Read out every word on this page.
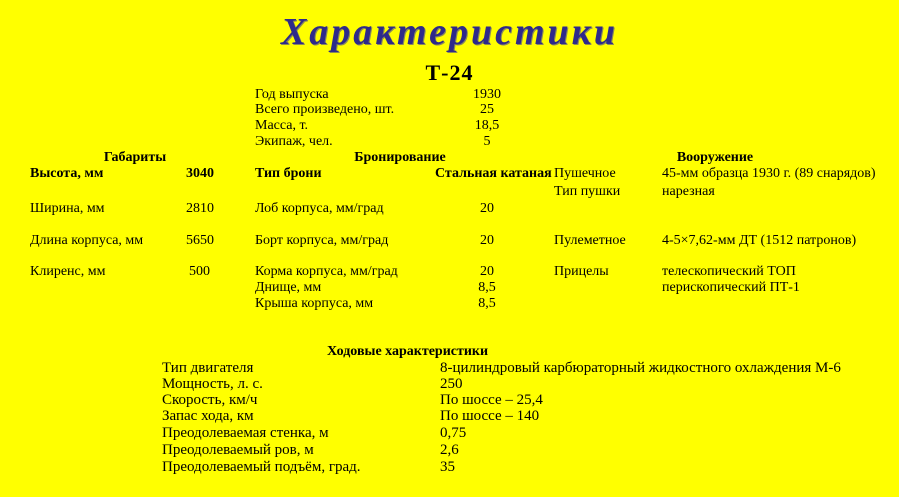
Характеристики
Т-24
Год выпуска	1930
Всего произведено, шт.	25
Масса, т.	18,5
Экипаж, чел.	5
Габариты	Бронирование	Вооружение
Высота, мм	3040
Ширина, мм	2810
Длина корпуса, мм	5650
Клиренс, мм	500
Тип брони	Стальная катаная
Лоб корпуса, мм/град	20
Борт корпуса, мм/град	20
Корма корпуса, мм/град	20
Днище, мм	8,5
Крыша корпуса, мм	8,5
Пушечное	45-мм образца 1930 г. (89 снарядов)
Тип пушки	нарезная
Пулеметное	4-5×7,62-мм ДТ (1512 патронов)
Прицелы	телескопический ТОП
перископический ПТ-1
Ходовые характеристики
Тип двигателя	8-цилиндровый карбюраторный жидкостного охлаждения М-6
Мощность, л. с.	250
Скорость, км/ч	По шоссе – 25,4
Запас хода, км	По шоссе – 140
Преодолеваемая стенка, м	0,75
Преодолеваемый ров, м	2,6
Преодолеваемый подъём, град.	35
